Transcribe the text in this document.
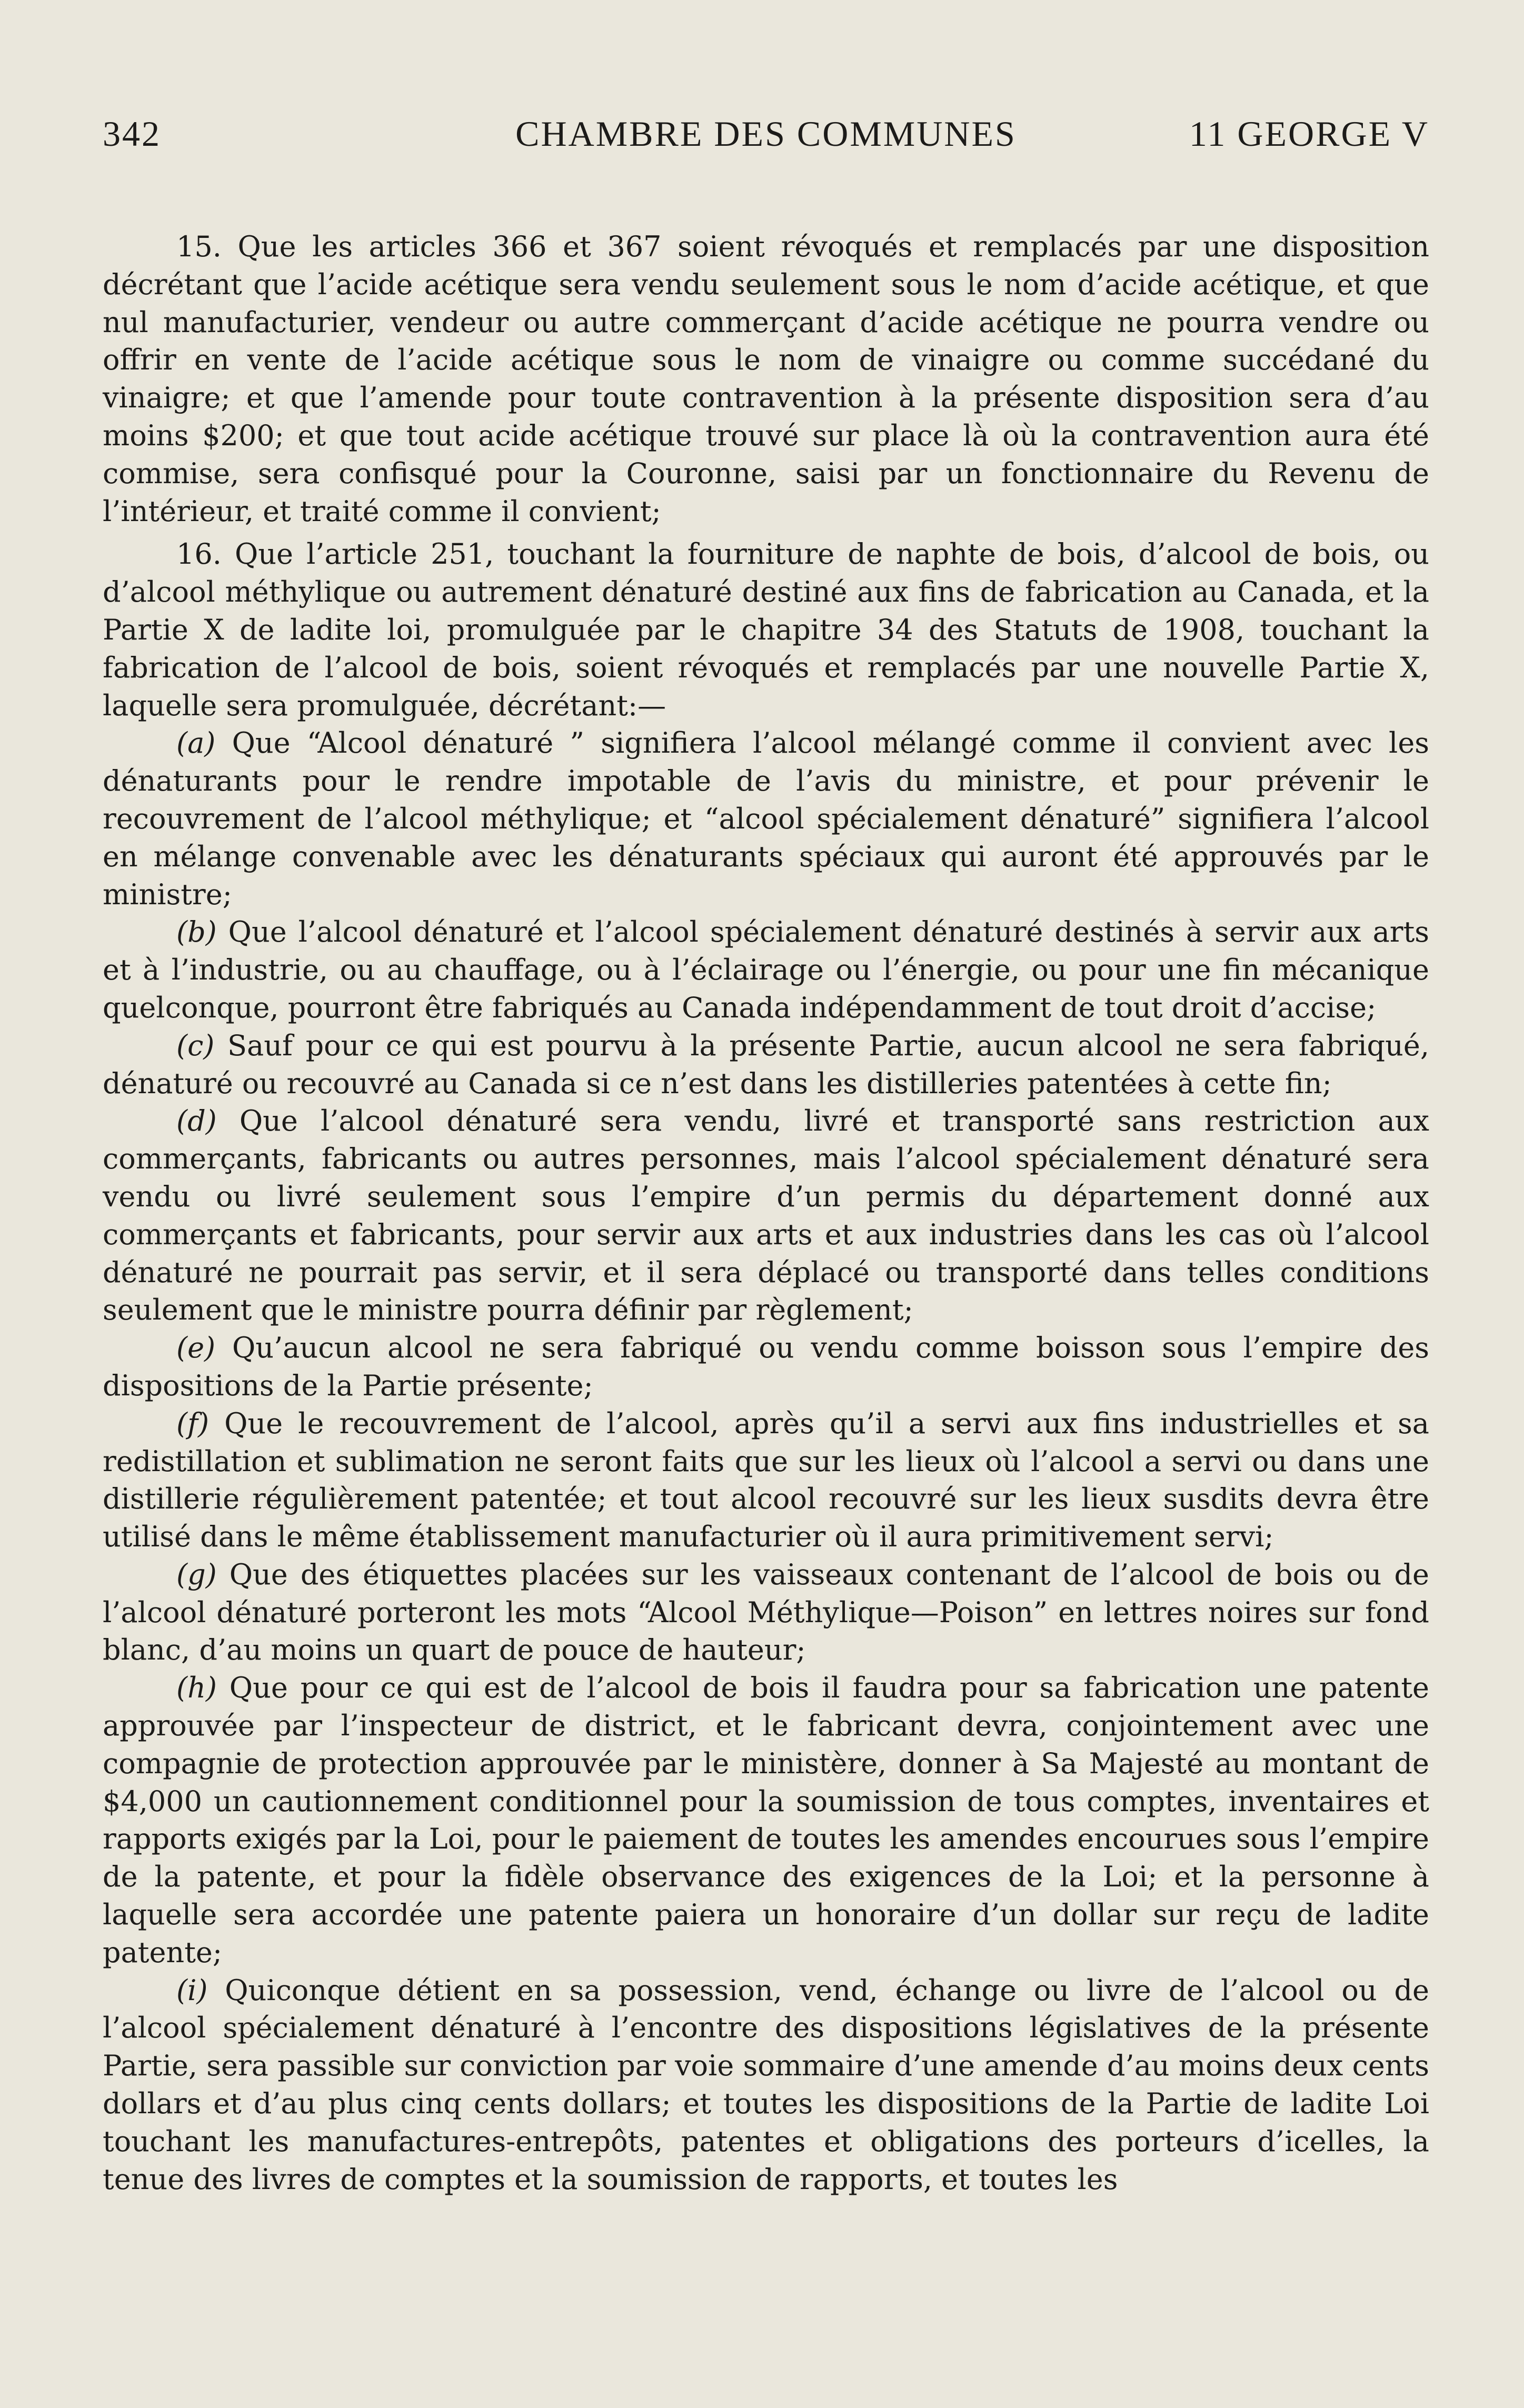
342	CHAMBRE DES COMMUNES	11 GEORGE V

15. Que les articles 366 et 367 soient révoqués et remplacés par une disposition décrétant que l’acide acétique sera vendu seulement sous le nom d’acide acétique, et que nul manufacturier, vendeur ou autre commerçant d’acide acétique ne pourra vendre ou offrir en vente de l’acide acétique sous le nom de vinaigre ou comme succédané du vinaigre; et que l’amende pour toute contravention à la présente disposition sera d’au moins $200; et que tout acide acétique trouvé sur place là où la contravention aura été commise, sera confisqué pour la Couronne, saisi par un fonctionnaire du Revenu de l’intérieur, et traité comme il convient;

16. Que l’article 251, touchant la fourniture de naphte de bois, d’alcool de bois, ou d’alcool méthylique ou autrement dénaturé destiné aux fins de fabrication au Canada, et la Partie X de ladite loi, promulguée par le chapitre 34 des Statuts de 1908, touchant la fabrication de l’alcool de bois, soient révoqués et remplacés par une nouvelle Partie X, laquelle sera promulguée, décrétant:—

(a) Que “Alcool dénaturé ” signifiera l’alcool mélangé comme il convient avec les dénaturants pour le rendre impotable de l’avis du ministre, et pour prévenir le recouvrement de l’alcool méthylique; et “alcool spécialement dénaturé” signifiera l’alcool en mélange convenable avec les dénaturants spéciaux qui auront été approuvés par le ministre;

(b) Que l’alcool dénaturé et l’alcool spécialement dénaturé destinés à servir aux arts et à l’industrie, ou au chauffage, ou à l’éclairage ou l’énergie, ou pour une fin mécanique quelconque, pourront être fabriqués au Canada indépendamment de tout droit d’accise;

(c) Sauf pour ce qui est pourvu à la présente Partie, aucun alcool ne sera fabriqué, dénaturé ou recouvré au Canada si ce n’est dans les distilleries patentées à cette fin;

(d) Que l’alcool dénaturé sera vendu, livré et transporté sans restriction aux commerçants, fabricants ou autres personnes, mais l’alcool spécialement dénaturé sera vendu ou livré seulement sous l’empire d’un permis du département donné aux commerçants et fabricants, pour servir aux arts et aux industries dans les cas où l’alcool dénaturé ne pourrait pas servir, et il sera déplacé ou transporté dans telles conditions seulement que le ministre pourra définir par règlement;

(e) Qu’aucun alcool ne sera fabriqué ou vendu comme boisson sous l’empire des dispositions de la Partie présente;

(f) Que le recouvrement de l’alcool, après qu’il a servi aux fins industrielles et sa redistillation et sublimation ne seront faits que sur les lieux où l’alcool a servi ou dans une distillerie régulièrement patentée; et tout alcool recouvré sur les lieux susdits devra être utilisé dans le même établissement manufacturier où il aura primitivement servi;

(g) Que des étiquettes placées sur les vaisseaux contenant de l’alcool de bois ou de l’alcool dénaturé porteront les mots “Alcool Méthylique—Poison” en lettres noires sur fond blanc, d’au moins un quart de pouce de hauteur;

(h) Que pour ce qui est de l’alcool de bois il faudra pour sa fabrication une patente approuvée par l’inspecteur de district, et le fabricant devra, conjointement avec une compagnie de protection approuvée par le ministère, donner à Sa Majesté au montant de $4,000 un cautionnement conditionnel pour la soumission de tous comptes, inventaires et rapports exigés par la Loi, pour le paiement de toutes les amendes encourues sous l’empire de la patente, et pour la fidèle observance des exigences de la Loi; et la personne à laquelle sera accordée une patente paiera un honoraire d’un dollar sur reçu de ladite patente;

(i) Quiconque détient en sa possession, vend, échange ou livre de l’alcool ou de l’alcool spécialement dénaturé à l’encontre des dispositions législatives de la présente Partie, sera passible sur conviction par voie sommaire d’une amende d’au moins deux cents dollars et d’au plus cinq cents dollars; et toutes les dispositions de la Partie de ladite Loi touchant les manufactures-entrepôts, patentes et obligations des porteurs d’icelles, la tenue des livres de comptes et la soumission de rapports, et toutes les
